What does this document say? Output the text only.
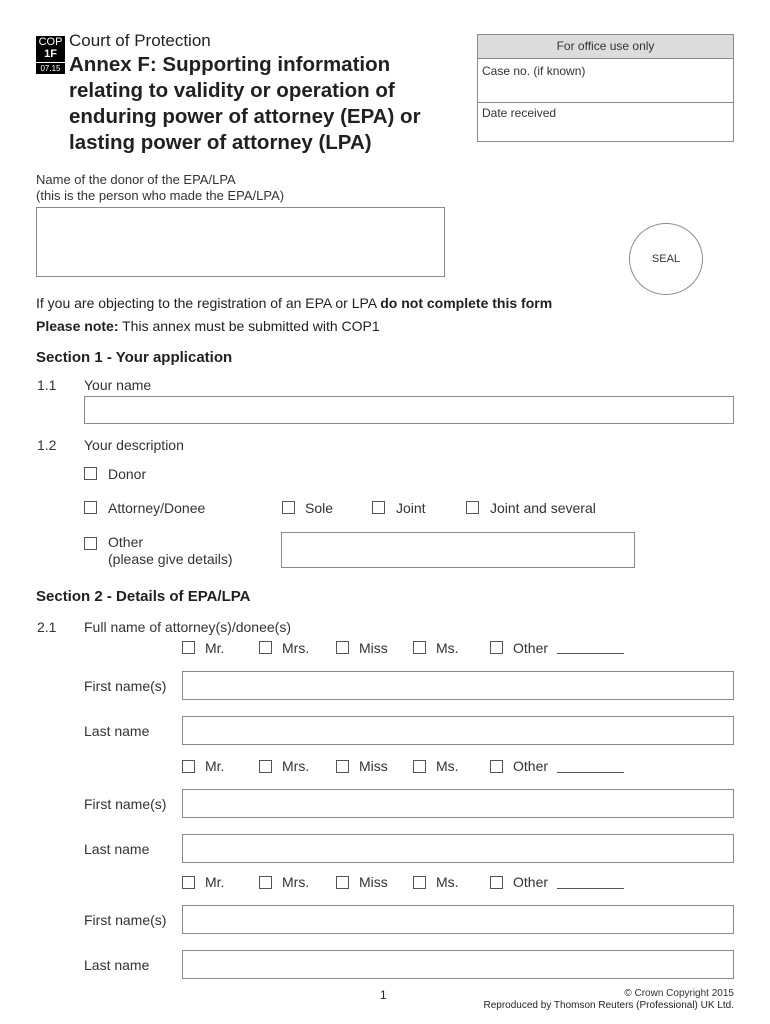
COP
1F
07.15
Court of Protection
Annex F: Supporting information relating to validity or operation of enduring power of attorney (EPA) or lasting power of attorney (LPA)
For office use only
Case no. (if known)
Date received
Name of the donor of the EPA/LPA
(this is the person who made the EPA/LPA)
SEAL
If you are objecting to the registration of an EPA or LPA do not complete this form
Please note: This annex must be submitted with COP1
Section 1 - Your application
1.1 Your name
1.2 Your description
Donor
Attorney/Donee	Sole	Joint	Joint and several
Other
(please give details)
Section 2 - Details of EPA/LPA
2.1 Full name of attorney(s)/donee(s)
Mr.	Mrs.	Miss	Ms.	Other
First name(s)
Last name
Mr.	Mrs.	Miss	Ms.	Other
First name(s)
Last name
Mr.	Mrs.	Miss	Ms.	Other
First name(s)
Last name
1	© Crown Copyright 2015
Reproduced by Thomson Reuters (Professional) UK Ltd.
